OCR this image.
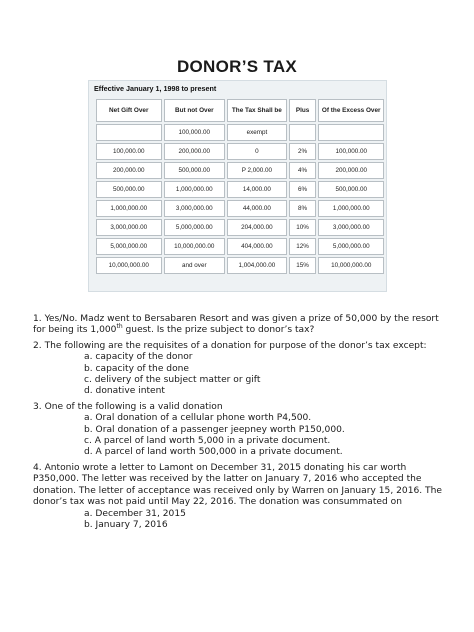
DONOR’S TAX
Effective January 1, 1998 to present
Net Gift Over	But not Over	The Tax Shall be	Plus	Of the Excess Over
	100,000.00	exempt		
100,000.00	200,000.00	0	2%	100,000.00
200,000.00	500,000.00	P 2,000.00	4%	200,000.00
500,000.00	1,000,000.00	14,000.00	6%	500,000.00
1,000,000.00	3,000,000.00	44,000.00	8%	1,000,000.00
3,000,000.00	5,000,000.00	204,000.00	10%	3,000,000.00
5,000,000.00	10,000,000.00	404,000.00	12%	5,000,000.00
10,000,000.00	and over	1,004,000.00	15%	10,000,000.00
1. Yes/No. Madz went to Bersabaren Resort and was given a prize of 50,000 by the resort for being its 1,000th guest. Is the prize subject to donor’s tax?
2. The following are the requisites of a donation for purpose of the donor’s tax except:
a. capacity of the donor
b. capacity of the done
c. delivery of the subject matter or gift
d. donative intent
3. One of the following is a valid donation
a. Oral donation of a cellular phone worth P4,500.
b. Oral donation of a passenger jeepney worth P150,000.
c. A parcel of land worth 5,000 in a private document.
d. A parcel of land worth 500,000 in a private document.
4. Antonio wrote a letter to Lamont on December 31, 2015 donating his car worth P350,000. The letter was received by the latter on January 7, 2016 who accepted the donation. The letter of acceptance was received only by Warren on January 15, 2016. The donor’s tax was not paid until May 22, 2016. The donation was consummated on
a. December 31, 2015
b. January 7, 2016
